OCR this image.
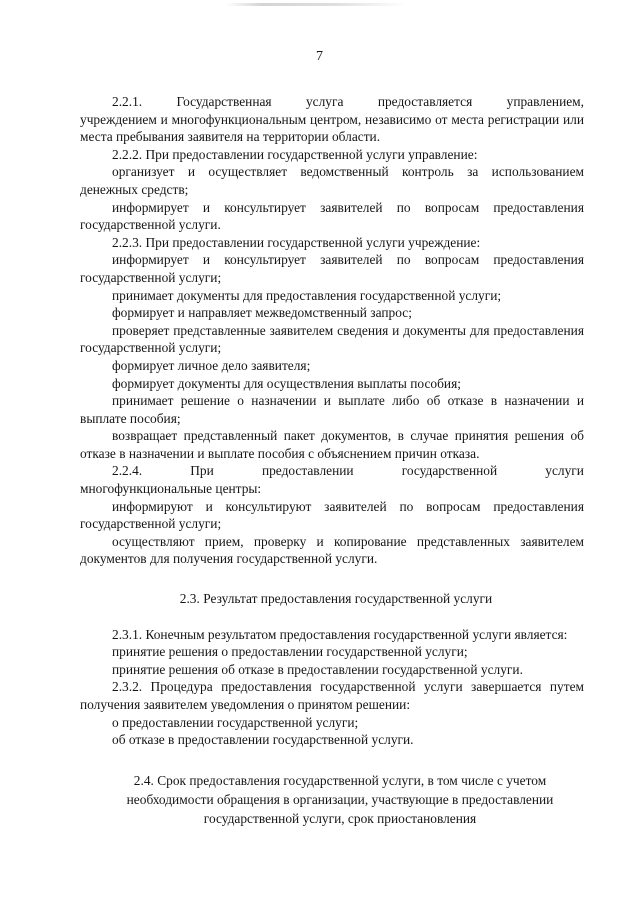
7

2.2.1. Государственная услуга предоставляется управлением,

учреждением и многофункциональным центром, независимо от места регистрации или места пребывания заявителя на территории области.

2.2.2. При предоставлении государственной услуги управление:

организует и осуществляет ведомственный контроль за использованием денежных средств;

информирует и консультирует заявителей по вопросам предоставления государственной услуги.

2.2.3. При предоставлении государственной услуги учреждение:

информирует и консультирует заявителей по вопросам предоставления государственной услуги;

принимает документы для предоставления государственной услуги;

формирует и направляет межведомственный запрос;

проверяет представленные заявителем сведения и документы для предоставления государственной услуги;

формирует личное дело заявителя;

формирует документы для осуществления выплаты пособия;

принимает решение о назначении и выплате либо об отказе в назначении и выплате пособия;

возвращает представленный пакет документов, в случае принятия решения об отказе в назначении и выплате пособия с объяснением причин отказа.

2.2.4.	При	предоставлении	государственной	услуги

многофункциональные центры:

информируют и консультируют заявителей по вопросам предоставления государственной услуги;

осуществляют прием, проверку и копирование представленных заявителем документов для получения государственной услуги.

2.3. Результат предоставления государственной услуги

2.3.1. Конечным результатом предоставления государственной услуги является:

принятие решения о предоставлении государственной услуги;

принятие решения об отказе в предоставлении государственной услуги.

2.3.2. Процедура предоставления государственной услуги завершается путем получения заявителем уведомления о принятом решении:

о предоставлении государственной услуги;

об отказе в предоставлении государственной услуги.

2.4. Срок предоставления государственной услуги, в том числе с учетом необходимости обращения в организации, участвующие в предоставлении государственной услуги, срок приостановления
